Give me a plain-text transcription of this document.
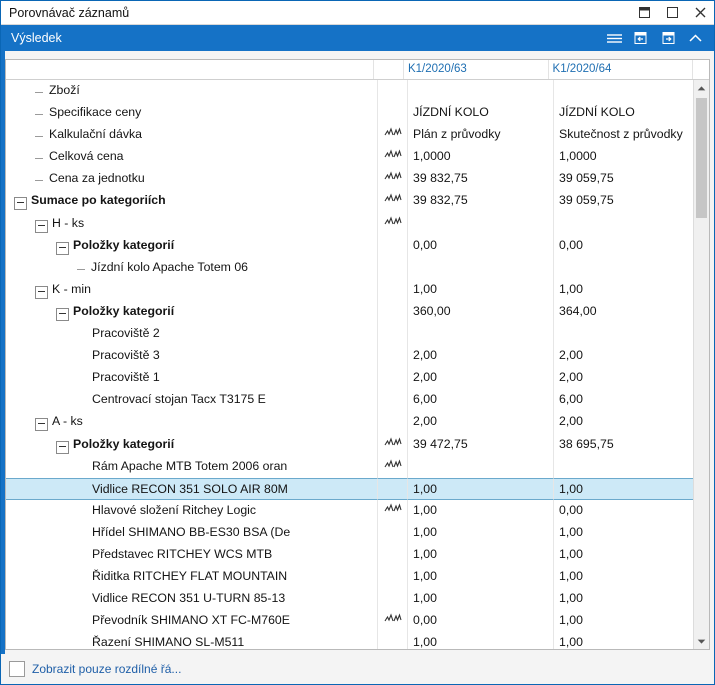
Porovnávač záznamů
Výsledek
K1/2020/63	K1/2020/64
Zboží
Specifikace ceny	JÍZDNÍ KOLO	JÍZDNÍ KOLO
Kalkulační dávka	Plán z průvodky	Skutečnost z průvodky
Celková cena	1,0000	1,0000
Cena za jednotku	39 832,75	39 059,75
Sumace po kategoriích	39 832,75	39 059,75
H - ks
Položky kategorií	0,00	0,00
Jízdní kolo Apache Totem 06
K - min	1,00	1,00
Položky kategorií	360,00	364,00
Pracoviště 2
Pracoviště 3	2,00	2,00
Pracoviště 1	2,00	2,00
Centrovací stojan Tacx T3175 E	6,00	6,00
A - ks	2,00	2,00
Položky kategorií	39 472,75	38 695,75
Rám Apache MTB Totem 2006 oran
Vidlice RECON 351 SOLO AIR 80M	1,00	1,00
Hlavové složení Ritchey Logic	1,00	0,00
Hřídel SHIMANO BB-ES30 BSA (De	1,00	1,00
Představec RITCHEY WCS MTB	1,00	1,00
Řiditka RITCHEY FLAT MOUNTAIN	1,00	1,00
Vidlice RECON 351 U-TURN 85-13	1,00	1,00
Převodník SHIMANO XT FC-M760E	0,00	1,00
Řazení SHIMANO SL-M511	1,00	1,00
Zobrazit pouze rozdílné řá...
